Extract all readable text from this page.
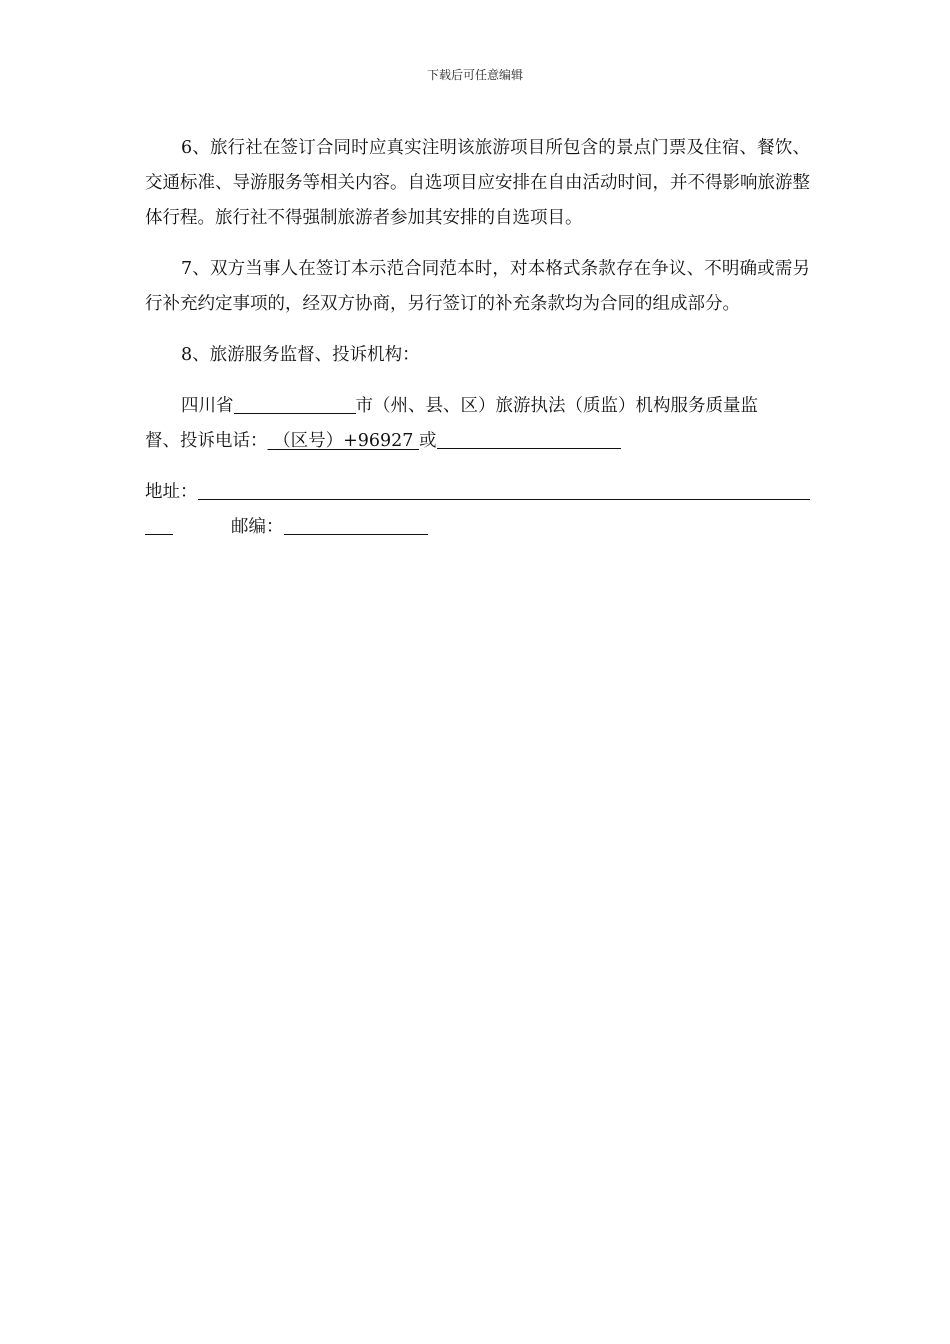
下载后可任意编辑

6、旅行社在签订合同时应真实注明该旅游项目所包含的景点门票及住宿、餐饮、交通标准、导游服务等相关内容。自选项目应安排在自由活动时间，并不得影响旅游整体行程。旅行社不得强制旅游者参加其安排的自选项目。

7、双方当事人在签订本示范合同范本时，对本格式条款存在争议、不明确或需另行补充约定事项的，经双方协商，另行签订的补充条款均为合同的组成部分。

8、旅游服务监督、投诉机构：

四川省	市（州、县、区）旅游执法（质监）机构服务质量监

督、投诉电话： （区号）+96927 或

地址：

邮编：
